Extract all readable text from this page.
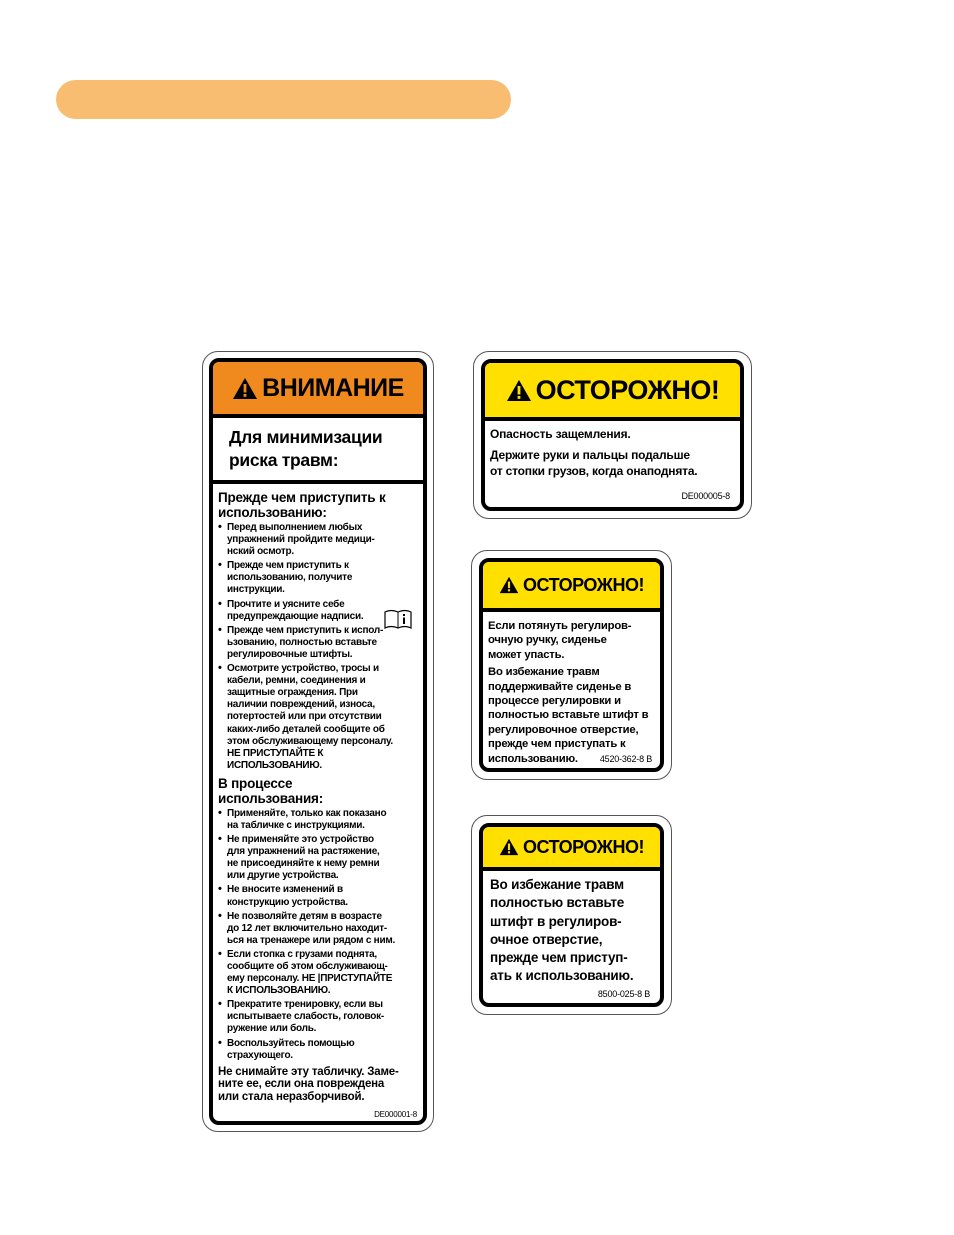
ВНИМАНИЕ
Для минимизации
риска травм:
Прежде чем приступить к
использованию:
• Перед выполнением любых
упражнений пройдите медици-
нский осмотр.
• Прежде чем приступить к
использованию, получите
инструкции.
• Прочтите и уясните себе
предупреждающие надписи.
• Прежде чем приступить к испол-
ьзованию, полностью вставьте
регулировочные штифты.
• Осмотрите устройство, тросы и
кабели, ремни, соединения и
защитные ограждения. При
наличии повреждений, износа,
потертостей или при отсутствии
каких-либо деталей сообщите об
этом обслуживающему персоналу.
НЕ ПРИСТУПАЙТЕ К
ИСПОЛЬЗОВАНИЮ.
В процессе
использования:
• Применяйте, только как показано
на табличке с инструкциями.
• Не применяйте это устройство
для упражнений на растяжение,
не присоединяйте к нему ремни
или другие устройства.
• Не вносите изменений в
конструкцию устройства.
• Не позволяйте детям в возрасте
до 12 лет включительно находит-
ься на тренажере или рядом с ним.
• Если стопка с грузами поднята,
сообщите об этом обслуживающ-
ему персоналу. НЕ |ПРИСТУПАЙТЕ
К ИСПОЛЬЗОВАНИЮ.
• Прекратите тренировку, если вы
испытываете слабость, головок-
ружение или боль.
• Воспользуйтесь помощью
страхующего.
Не снимайте эту табличку. Заме-
ните ее, если она повреждена
или стала неразборчивой.
DE000001-8
ОСТОРОЖНО!
Опасность защемления.
Держите руки и пальцы подальше
от стопки грузов, когда онаподнята.
DE000005-8
ОСТОРОЖНО!
Если потянуть регулиров-
очную ручку, сиденье
может упасть.
Во избежание травм
поддерживайте сиденье в
процессе регулировки и
полностью вставьте штифт в
регулировочное отверстие,
прежде чем приступать к
использованию.	4520-362-8 B
ОСТОРОЖНО!
Во избежание травм
полностью вставьте
штифт в регулиров-
очное отверстие,
прежде чем приступ-
ать к использованию.
8500-025-8 B
